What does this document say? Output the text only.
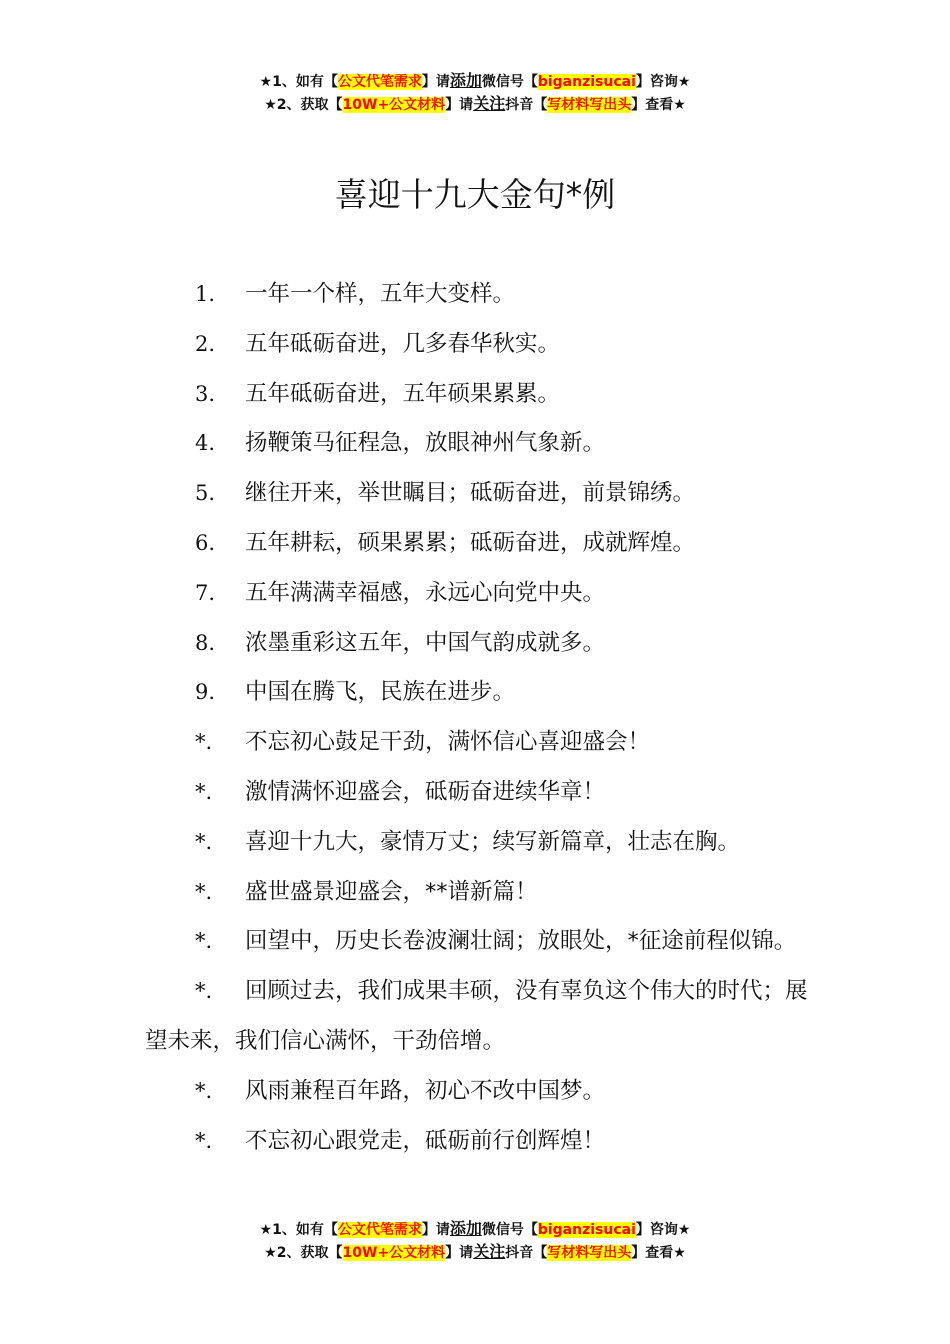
★1、如有【公文代笔需求】请添加微信号【biganzisucai】咨询★
★2、获取【10W+公文材料】请关注抖音【写材料写出头】查看★
喜迎十九大金句*例
1. 一年一个样，五年大变样。
2. 五年砥砺奋进，几多春华秋实。
3. 五年砥砺奋进，五年硕果累累。
4. 扬鞭策马征程急，放眼神州气象新。
5. 继往开来，举世瞩目；砥砺奋进，前景锦绣。
6. 五年耕耘，硕果累累；砥砺奋进，成就辉煌。
7. 五年满满幸福感，永远心向党中央。
8. 浓墨重彩这五年，中国气韵成就多。
9. 中国在腾飞，民族在进步。
*. 不忘初心鼓足干劲，满怀信心喜迎盛会！
*. 激情满怀迎盛会，砥砺奋进续华章！
*. 喜迎十九大，豪情万丈；续写新篇章，壮志在胸。
*. 盛世盛景迎盛会，**谱新篇！
*. 回望中，历史长卷波澜壮阔；放眼处，*征途前程似锦。
*. 回顾过去，我们成果丰硕，没有辜负这个伟大的时代；展望未来，我们信心满怀，干劲倍增。
*. 风雨兼程百年路，初心不改中国梦。
*. 不忘初心跟党走，砥砺前行创辉煌！
★1、如有【公文代笔需求】请添加微信号【biganzisucai】咨询★
★2、获取【10W+公文材料】请关注抖音【写材料写出头】查看★
